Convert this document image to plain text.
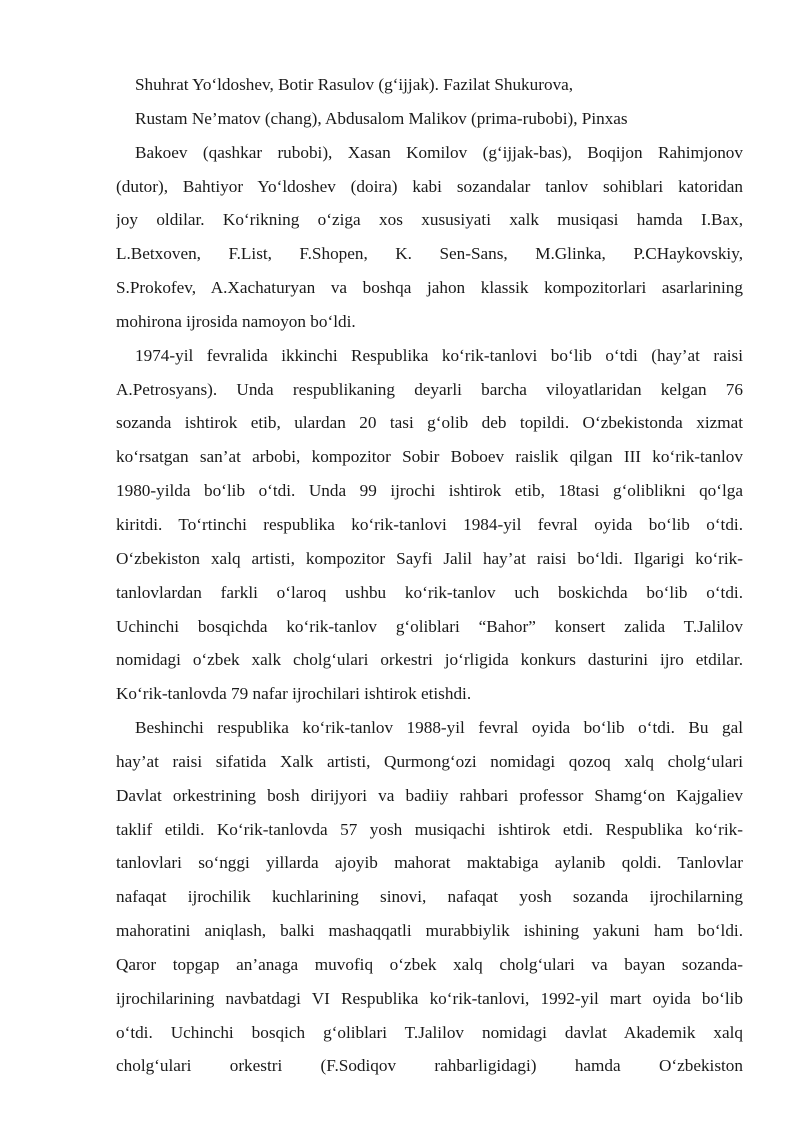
Shuhrat Yo‘ldoshev, Botir Rasulov (g‘ijjak). Fazilat Shukurova,
Rustam Ne’matov (chang), Abdusalom Malikov (prima-rubobi), Pinxas
Bakoev (qashkar rubobi), Xasan Komilov (g‘ijjak-bas), Boqijon Rahimjonov
(dutor), Bahtiyor Yo‘ldoshev (doira) kabi sozandalar tanlov sohiblari katoridan
joy oldilar. Ko‘rikning o‘ziga xos xususiyati xalk musiqasi hamda I.Bax,
L.Betxoven, F.List, F.Shopen, K. Sen-Sans, M.Glinka, P.CHaykovskiy,
S.Prokofev, A.Xachaturyan va boshqa jahon klassik kompozitorlari asarlarining
mohirona ijrosida namoyon bo‘ldi.
1974-yil fevralida ikkinchi Respublika ko‘rik-tanlovi bo‘lib o‘tdi (hay’at raisi
A.Petrosyans). Unda respublikaning deyarli barcha viloyatlaridan kelgan 76
sozanda ishtirok etib, ulardan 20 tasi g‘olib deb topildi. O‘zbekistonda xizmat
ko‘rsatgan san’at arbobi, kompozitor Sobir Boboev raislik qilgan III ko‘rik-tanlov
1980-yilda bo‘lib o‘tdi. Unda 99 ijrochi ishtirok etib, 18tasi g‘oliblikni qo‘lga
kiritdi. To‘rtinchi respublika ko‘rik-tanlovi 1984-yil fevral oyida bo‘lib o‘tdi.
O‘zbekiston xalq artisti, kompozitor Sayfi Jalil hay’at raisi bo‘ldi. Ilgarigi ko‘rik-
tanlovlardan farkli o‘laroq ushbu ko‘rik-tanlov uch boskichda bo‘lib o‘tdi.
Uchinchi bosqichda ko‘rik-tanlov g‘oliblari “Bahor” konsert zalida T.Jalilov
nomidagi o‘zbek xalk cholg‘ulari orkestri jo‘rligida konkurs dasturini ijro etdilar.
Ko‘rik-tanlovda 79 nafar ijrochilari ishtirok etishdi.
Beshinchi respublika ko‘rik-tanlov 1988-yil fevral oyida bo‘lib o‘tdi. Bu gal
hay’at raisi sifatida Xalk artisti, Qurmong‘ozi nomidagi qozoq xalq cholg‘ulari
Davlat orkestrining bosh dirijyori va badiiy rahbari professor Shamg‘on Kajgaliev
taklif etildi. Ko‘rik-tanlovda 57 yosh musiqachi ishtirok etdi. Respublika ko‘rik-
tanlovlari so‘nggi yillarda ajoyib mahorat maktabiga aylanib qoldi. Tanlovlar
nafaqat ijrochilik kuchlarining sinovi, nafaqat yosh sozanda ijrochilarning
mahoratini aniqlash, balki mashaqqatli murabbiylik ishining yakuni ham bo‘ldi.
Qaror topgap an’anaga muvofiq o‘zbek xalq cholg‘ulari va bayan sozanda-
ijrochilarining navbatdagi VI Respublika ko‘rik-tanlovi, 1992-yil mart oyida bo‘lib
o‘tdi. Uchinchi bosqich g‘oliblari T.Jalilov nomidagi davlat Akademik xalq
cholg‘ulari orkestri (F.Sodiqov rahbarligidagi) hamda O‘zbekiston
